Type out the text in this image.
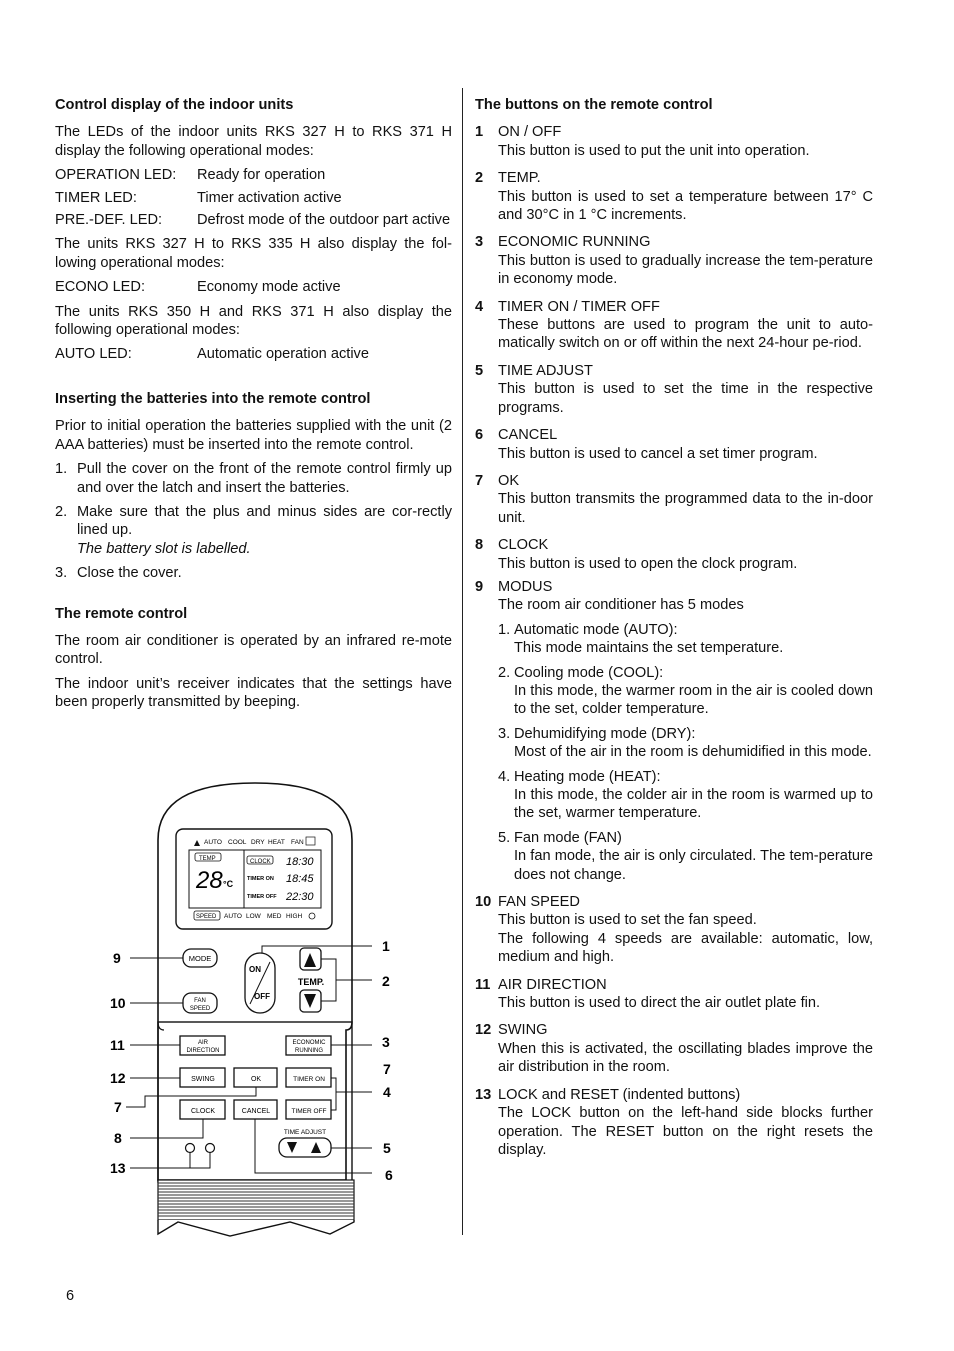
Control display of the indoor units

The LEDs of the indoor units RKS 327 H to RKS 371 H display the following operational modes:

OPERATION LED:	Ready for operation
TIMER LED:	Timer activation active
PRE.-DEF. LED:	Defrost mode of the outdoor part active

The units RKS 327 H to RKS 335 H also display the fol-lowing operational modes:

ECONO LED:	Economy mode active

The units RKS 350 H and RKS 371 H also display the following operational modes:

AUTO LED:	Automatic operation active
Inserting the batteries into the remote control

Prior to initial operation the batteries supplied with the unit (2 AAA batteries) must be inserted into the remote control.

1. Pull the cover on the front of the remote control firmly up and over the latch and insert the batteries.
2. Make sure that the plus and minus sides are cor-rectly lined up.
The battery slot is labelled.
3. Close the cover.
The remote control

The room air conditioner is operated by an infrared re-mote control.

The indoor unit’s receiver indicates that the settings have been properly transmitted by beeping.

AUTO COOL DRY HEAT FAN
TEMP
28 °C
CLOCK 18:30
TIMER ON 18:45
TIMER OFF 22:30
SPEED AUTO LOW MED HIGH
MODE
FAN
SPEED
ON
OFF
TEMP.
AIR
DIRECTION
ECONOMIC
RUNNING
SWING	OK	TIMER ON
CLOCK	CANCEL	TIMER OFF
TIME ADJUST
9
10
11
12
7
8
13
1
2
3
7
4
5
6
The buttons on the remote control
1	ON / OFF
This button is used to put the unit into operation.
2	TEMP.
This button is used to set a temperature between 17° C and 30°C in 1 °C increments.
3	ECONOMIC RUNNING
This button is used to gradually increase the tem-perature in economy mode.
4	TIMER ON / TIMER OFF
These buttons are used to program the unit to auto-matically switch on or off within the next 24-hour pe-riod.
5	TIME ADJUST
This button is used to set the time in the respective programs.
6	CANCEL
This button is used to cancel a set timer program.
7	OK
This button transmits the programmed data to the in-door unit.
8	CLOCK
This button is used to open the clock program.
9	MODUS
The room air conditioner has 5 modes
1. Automatic mode (AUTO):
This mode maintains the set temperature.
2. Cooling mode (COOL):
In this mode, the warmer room in the air is cooled down to the set, colder temperature.
3. Dehumidifying mode (DRY):
Most of the air in the room is dehumidified in this mode.
4. Heating mode (HEAT):
In this mode, the colder air in the room is warmed up to the set, warmer temperature.
5. Fan mode (FAN)
In fan mode, the air is only circulated. The tem-perature does not change.
10 FAN SPEED
This button is used to set the fan speed.
The following 4 speeds are available: automatic, low, medium and high.
11 AIR DIRECTION
This button is used to direct the air outlet plate fin.
12 SWING
When this is activated, the oscillating blades improve the air distribution in the room.
13 LOCK and RESET (indented buttons)
The LOCK button on the left-hand side blocks further operation. The RESET button on the right resets the display.
6
